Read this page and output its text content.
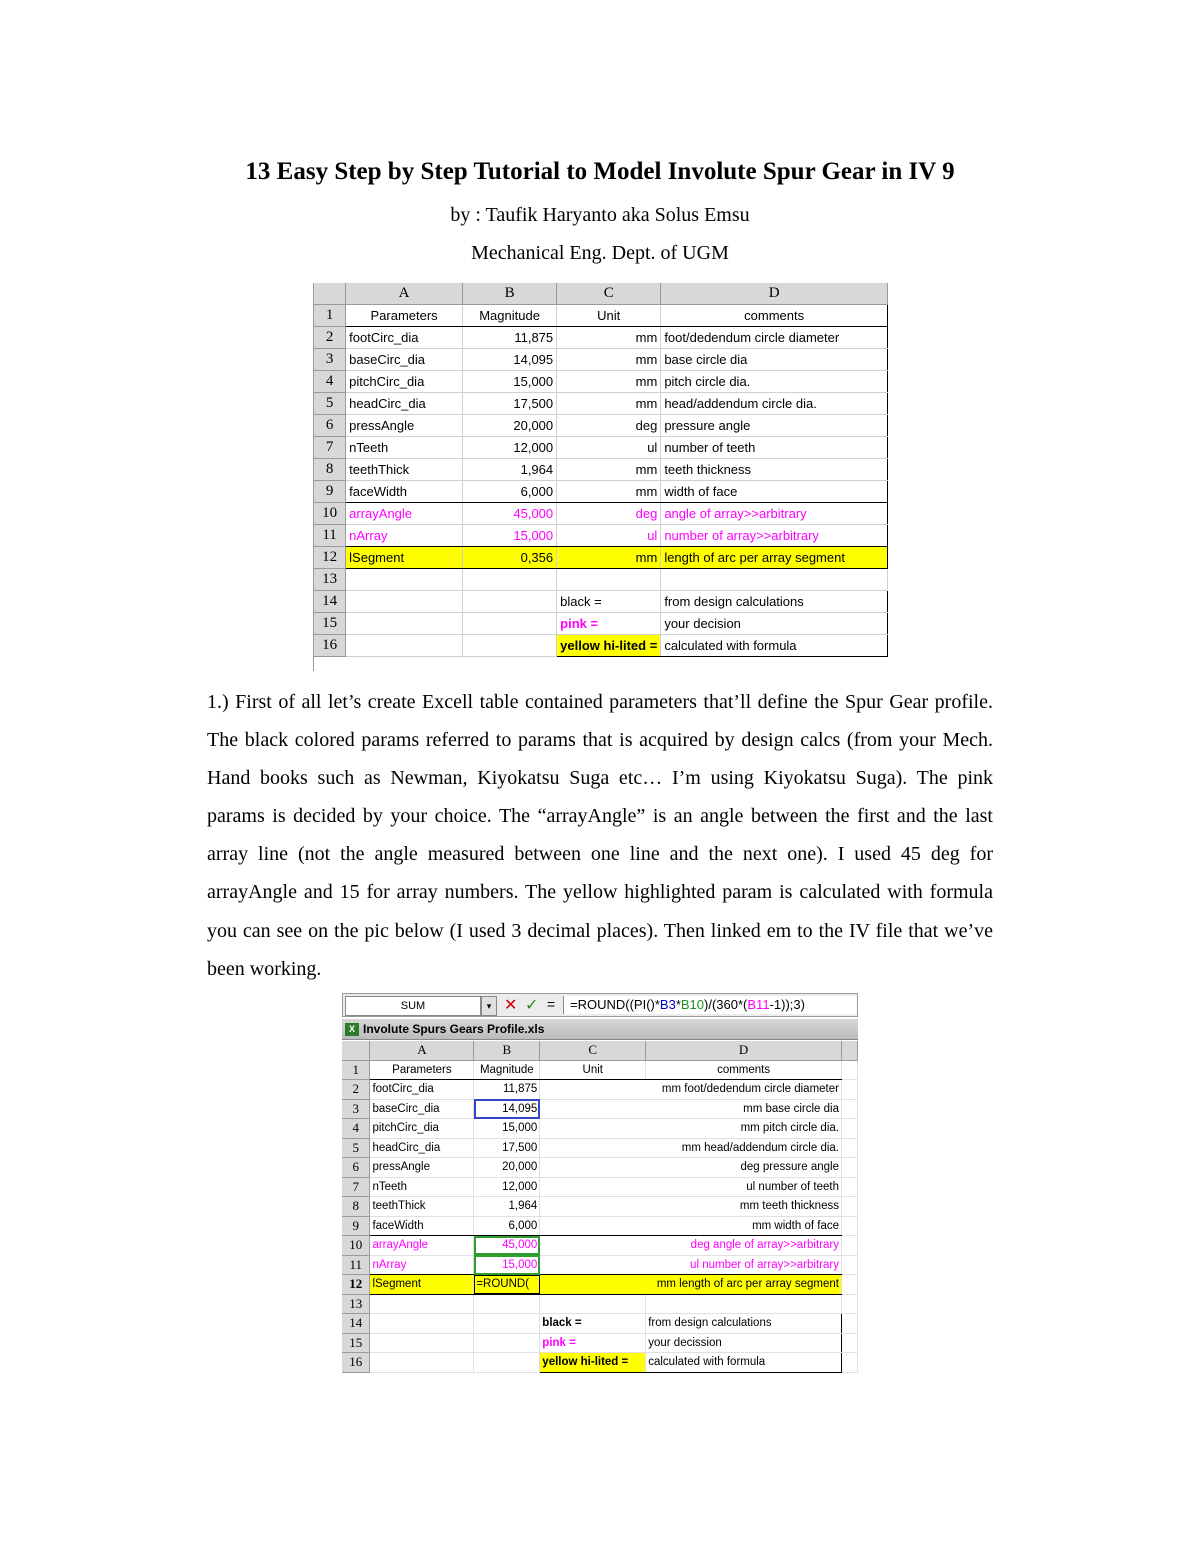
13 Easy Step by Step Tutorial to Model Involute Spur Gear in IV 9
by : Taufik Haryanto aka Solus Emsu
Mechanical Eng. Dept. of UGM
	A	B	C	D
1	Parameters	Magnitude	Unit	comments
2	footCirc_dia	11,875	mm	foot/dedendum circle diameter
3	baseCirc_dia	14,095	mm	base circle dia
4	pitchCirc_dia	15,000	mm	pitch circle dia.
5	headCirc_dia	17,500	mm	head/addendum circle dia.
6	pressAngle	20,000	deg	pressure angle
7	nTeeth	12,000	ul	number of teeth
8	teethThick	1,964	mm	teeth thickness
9	faceWidth	6,000	mm	width of face
10	arrayAngle	45,000	deg	angle of array>>arbitrary
11	nArray	15,000	ul	number of array>>arbitrary
12	lSegment	0,356	mm	length of arc per array segment
13				
14			black =	from design calculations
15			pink =	your decision
16			yellow hi-lited =	calculated with formula
1.) First of all let’s create Excell table contained parameters that’ll define the Spur Gear profile. The black colored params referred to params that is acquired by design calcs (from your Mech. Hand books such as Newman, Kiyokatsu Suga etc… I’m using Kiyokatsu Suga). The pink params is decided by your choice. The “arrayAngle” is an angle between the first and the last array line (not the angle measured between one line and the next one). I used 45 deg for arrayAngle and 15 for array numbers. The yellow highlighted param is calculated with formula you can see on the pic below (I used 3 decimal places). Then linked em to the IV file that we’ve been working.
SUM	▾ ✕ ✓ =	=ROUND((PI()*B3*B10)/(360*(B11-1));3)
X Involute Spurs Gears Profile.xls
	A	B	C	D	
1	Parameters	Magnitude	Unit	comments	
2	footCirc_dia	11,875	mm foot/dedendum circle diameter		
3	baseCirc_dia	14,095	mm base circle dia		
4	pitchCirc_dia	15,000	mm pitch circle dia.		
5	headCirc_dia	17,500	mm head/addendum circle dia.		
6	pressAngle	20,000	deg pressure angle		
7	nTeeth	12,000	ul number of teeth		
8	teethThick	1,964	mm teeth thickness		
9	faceWidth	6,000	mm width of face		
10	arrayAngle	45,000	deg angle of array>>arbitrary		
11	nArray	15,000	ul number of array>>arbitrary		
12	lSegment	=ROUND(	mm length of arc per array segment		
13					
14			black =	from design calculations	
15			pink =	your decission	
16			yellow hi-lited =	calculated with formula	
